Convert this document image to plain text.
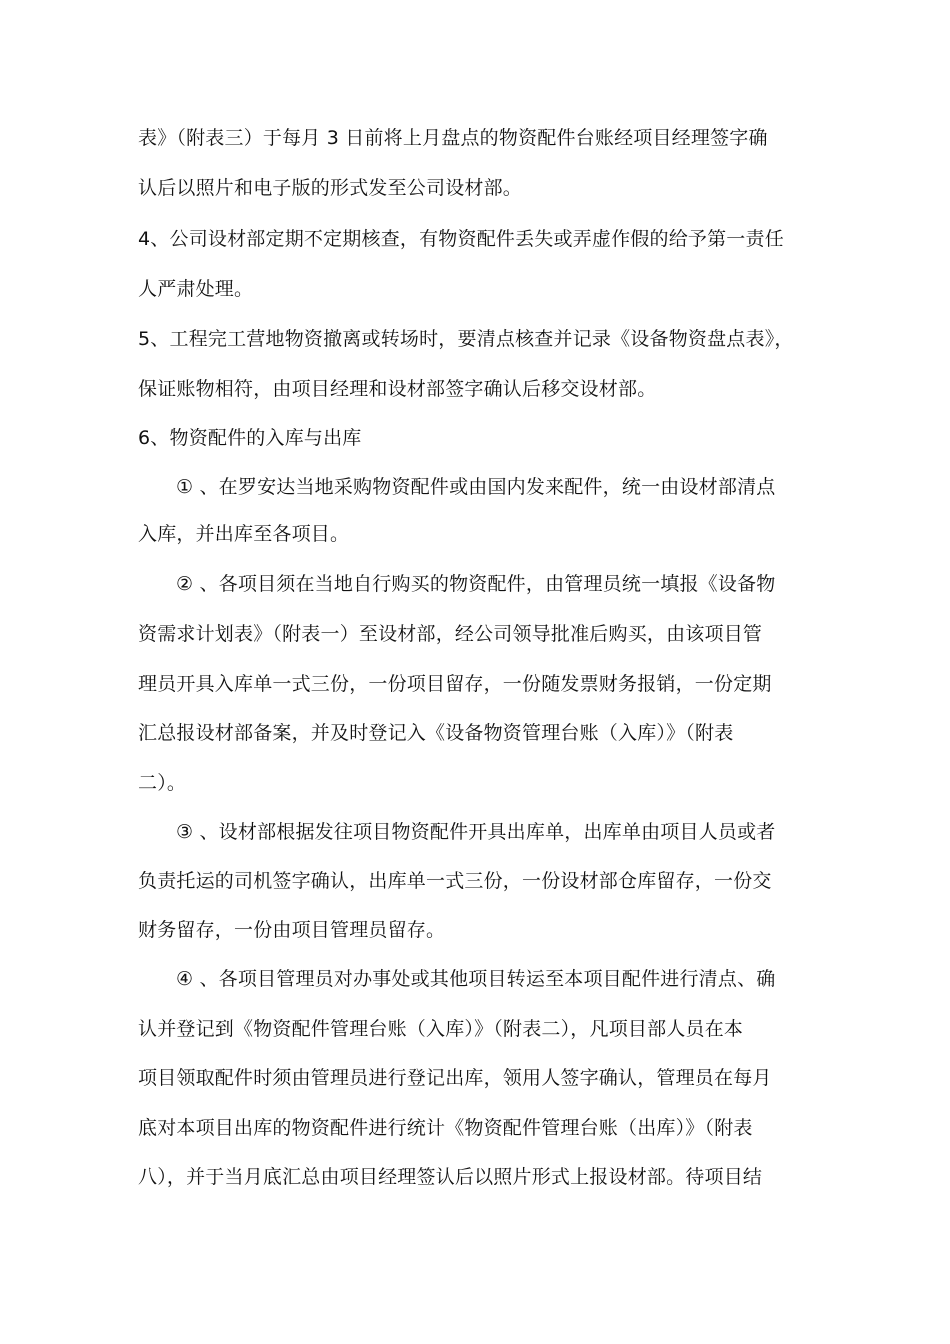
表》（附表三）于每月 3 日前将上月盘点的物资配件台账经项目经理签字确
认后以照片和电子版的形式发至公司设材部。
4、公司设材部定期不定期核查，有物资配件丢失或弄虚作假的给予第一责任
人严肃处理。
5、工程完工营地物资撤离或转场时，要清点核查并记录《设备物资盘点表》，
保证账物相符，由项目经理和设材部签字确认后移交设材部。
6、物资配件的入库与出库
① 、在罗安达当地采购物资配件或由国内发来配件，统一由设材部清点
入库，并出库至各项目。
② 、各项目须在当地自行购买的物资配件，由管理员统一填报《设备物
资需求计划表》（附表一）至设材部，经公司领导批准后购买，由该项目管
理员开具入库单一式三份，一份项目留存，一份随发票财务报销，一份定期
汇总报设材部备案，并及时登记入《设备物资管理台账（入库）》（附表
二）。
③ 、设材部根据发往项目物资配件开具出库单，出库单由项目人员或者
负责托运的司机签字确认，出库单一式三份，一份设材部仓库留存，一份交
财务留存，一份由项目管理员留存。
④ 、各项目管理员对办事处或其他项目转运至本项目配件进行清点、确
认并登记到《物资配件管理台账（入库）》（附表二），凡项目部人员在本
项目领取配件时须由管理员进行登记出库，领用人签字确认，管理员在每月
底对本项目出库的物资配件进行统计《物资配件管理台账（出库）》（附表
八），并于当月底汇总由项目经理签认后以照片形式上报设材部。待项目结
